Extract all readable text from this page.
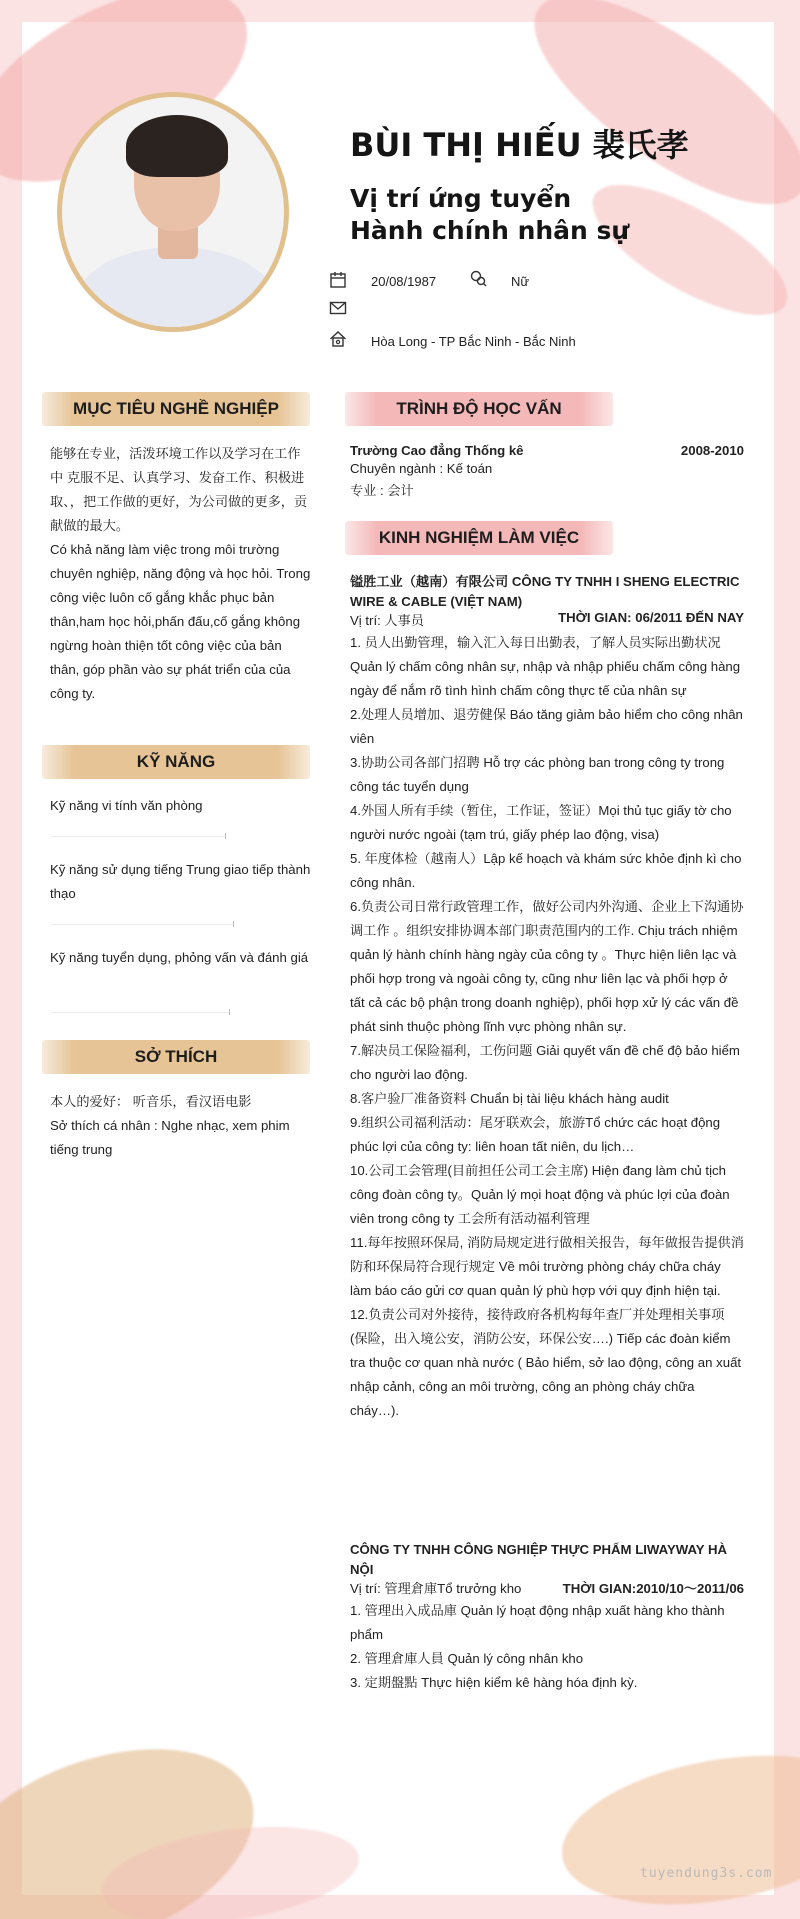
BÙI THỊ HIẾU 裴氏孝
Vị trí ứng tuyển
Hành chính nhân sự
20/08/1987	Nữ
Hòa Long - TP Bắc Ninh - Bắc Ninh
MỤC TIÊU NGHỀ NGHIỆP

能够在专业，活泼环境工作以及学习在工作中 克服不足、认真学习、发奋工作、积极进取、，把工作做的更好，为公司做的更多，贡献做的最大。

Có khả năng làm việc trong môi trường chuyên nghiệp, năng động và học hỏi. Trong công việc luôn cố gắng khắc phục bản thân,ham học hỏi,phấn đấu,cố gắng không ngừng hoàn thiện tốt công việc của bản thân, góp phần vào sự phát triển của của công ty.

KỸ NĂNG
Kỹ năng vi tính văn phòng
Kỹ năng sử dụng tiếng Trung giao tiếp thành thạo
Kỹ năng tuyển dụng, phỏng vấn và đánh giá
SỞ THÍCH

本人的爱好： 听音乐，看汉语电影

Sở thích cá nhân : Nghe nhạc, xem phim tiếng trung

TRÌNH ĐỘ HỌC VẤN
Trường Cao đẳng Thống kê	2008-2010
Chuyên ngành : Kế toán
专业 : 会计
KINH NGHIỆM LÀM VIỆC
镒胜工业（越南）有限公司 CÔNG TY TNHH I SHENG ELECTRIC WIRE & CABLE (VIỆT NAM)
Vị trí: 人事员	THỜI GIAN: 06/2011 ĐẾN NAY

1. 员人出勤管理，输入汇入每日出勤表，了解人员实际出勤状况

Quản lý chấm công nhân sự, nhập và nhập phiếu chấm công hàng ngày để nắm rõ tình hình chấm công thực tế của nhân sự

2.处理人员增加、退劳健保 Báo tăng giảm bảo hiểm cho công nhân viên

3.协助公司各部门招聘 Hỗ trợ các phòng ban trong công ty trong công tác tuyển dụng

4.外国人所有手续（暂住，工作证，签证）Mọi thủ tục giấy tờ cho người nước ngoài (tạm trú, giấy phép lao động, visa)

5. 年度体检（越南人）Lập kế hoạch và khám sức khỏe định kì cho công nhân.

6.负责公司日常行政管理工作，做好公司内外沟通、企业上下沟通协调工作 。组织安排协调本部门职责范围内的工作. Chịu trách nhiệm quản lý hành chính hàng ngày của công ty 。Thực hiện liên lạc và phối hợp trong và ngoài công ty, cũng như liên lạc và phối hợp ở tất cả các bộ phận trong doanh nghiệp), phối hợp xử lý các vấn đề phát sinh thuộc phòng lĩnh vực phòng nhân sự.

7.解决员工保险福利，工伤问题 Giải quyết vấn đề chế độ bảo hiểm cho người lao động.

8.客户验厂准备资料 Chuẩn bị tài liệu khách hàng audit

9.组织公司福利活动：尾牙联欢会，旅游Tổ chức các hoạt động phúc lợi của công ty: liên hoan tất niên, du lịch…

10.公司工会管理(目前担任公司工会主席) Hiện đang làm chủ tịch công đoàn công ty。Quản lý mọi hoạt động và phúc lợi của đoàn viên trong công ty 工会所有活动福利管理

11.每年按照环保局, 消防局规定进行做相关报告，每年做报告提供消防和环保局符合现行规定 Về môi trường phòng cháy chữa cháy làm báo cáo gửi cơ quan quản lý phù hợp với quy định hiện tại.

12.负责公司对外接待，接待政府各机构每年查厂并处理相关事项 (保险，出入境公安，消防公安，环保公安….) Tiếp các đoàn kiểm tra thuộc cơ quan nhà nước ( Bảo hiểm, sở lao động, công an xuất nhập cảnh, công an môi trường, công an phòng cháy chữa cháy…).

CÔNG TY TNHH CÔNG NGHIỆP THỰC PHẨM LIWAYWAY HÀ NỘI
Vị trí: 管理倉庫Tổ trưởng kho	THỜI GIAN:2010/10～2011/06

1. 管理出入成品庫 Quản lý hoạt động nhập xuất hàng kho thành phẩm

2. 管理倉庫人員 Quản lý công nhân kho

3. 定期盤點 Thực hiện kiểm kê hàng hóa định kỳ.

tuyendung3s.com
